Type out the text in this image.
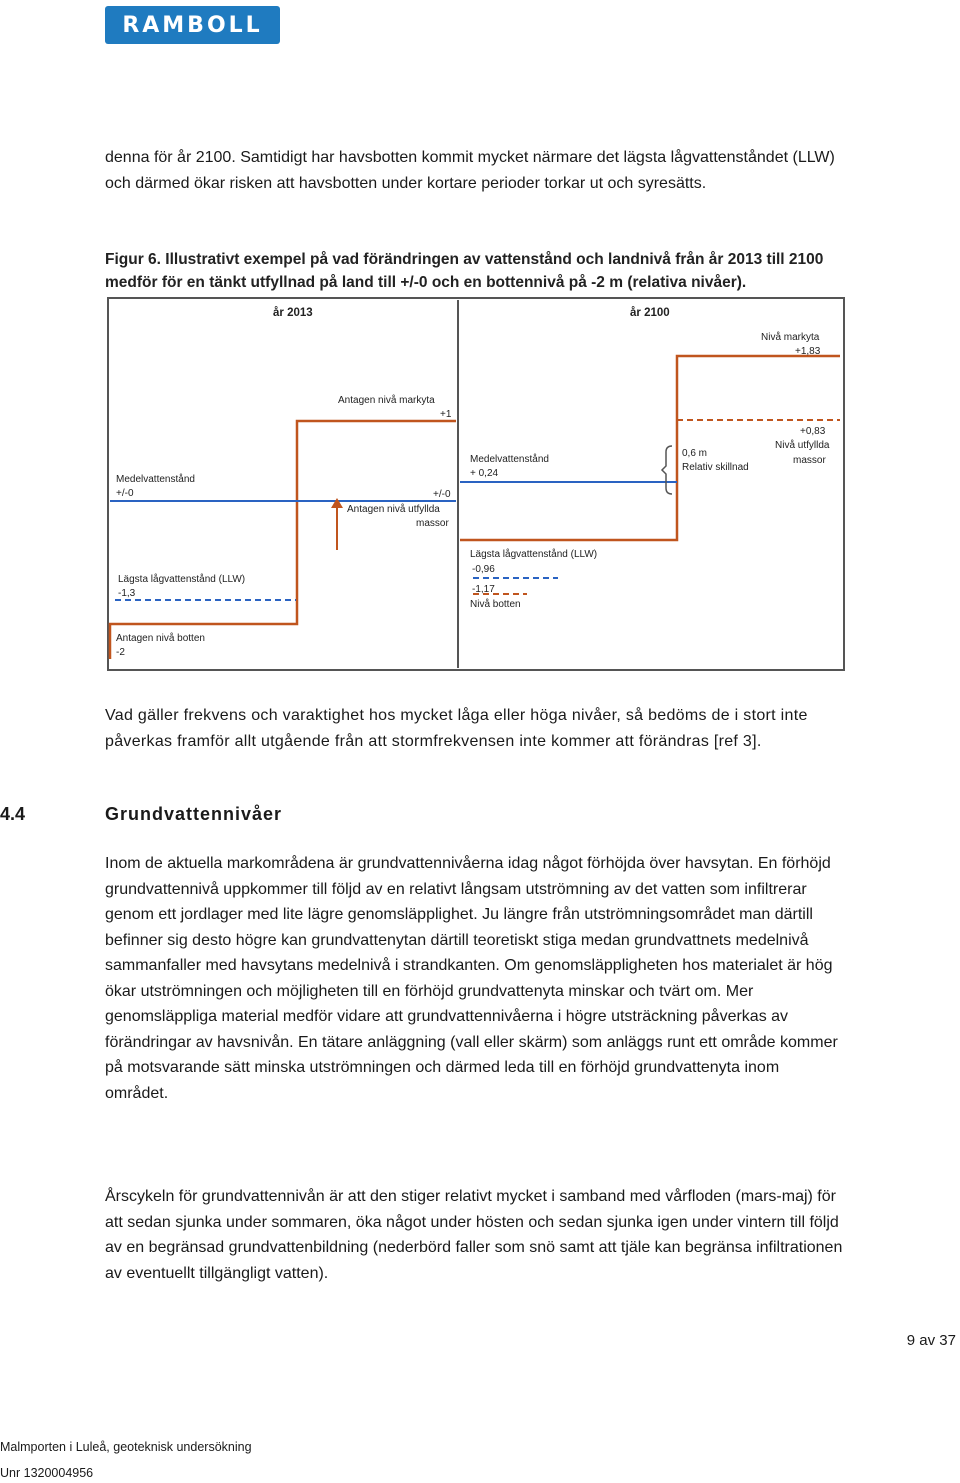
RAMBOLL

denna för år 2100. Samtidigt har havsbotten kommit mycket närmare det lägsta lågvattenståndet (LLW) och därmed ökar risken att havsbotten under kortare perioder torkar ut och syresätts.

Figur 6. Illustrativt exempel på vad förändringen av vattenstånd och landnivå från år 2013 till 2100 medför för en tänkt utfyllnad på land till +/-0 och en bottennivå på -2 m (relativa nivåer).

år 2013	år 2100
Antagen nivå markyta
+1
Medelvattenstånd
+/-0	+/-0
Antagen nivå utfyllda
massor
Lägsta lågvattenstånd (LLW)
-1,3
Antagen nivå botten
-2
Nivå markyta
+1,83
+0,83
Nivå utfyllda
massor
0,6 m
Relativ skillnad
Medelvattenstånd
+ 0,24
Lägsta lågvattenstånd (LLW)
-0,96
-1,17
Nivå botten

Vad gäller frekvens och varaktighet hos mycket låga eller höga nivåer, så bedöms de i stort inte påverkas framför allt utgående från att stormfrekvensen inte kommer att förändras [ref 3].

4.4	Grundvattennivåer

Inom de aktuella markområdena är grundvattennivåerna idag något förhöjda över havsytan. En förhöjd grundvattennivå uppkommer till följd av en relativt långsam utströmning av det vatten som infiltrerar genom ett jordlager med lite lägre genomsläpplighet. Ju längre från utströmningsområdet man därtill befinner sig desto högre kan grundvattenytan därtill teoretiskt stiga medan grundvattnets medelnivå sammanfaller med havsytans medelnivå i strandkanten. Om genomsläppligheten hos materialet är hög ökar utströmningen och möjligheten till en förhöjd grundvattenyta minskar och tvärt om. Mer genomsläppliga material medför vidare att grundvattennivåerna i högre utsträckning påverkas av förändringar av havsnivån. En tätare anläggning (vall eller skärm) som anläggs runt ett område kommer på motsvarande sätt minska utströmningen och därmed leda till en förhöjd grundvattenyta inom området.

Årscykeln för grundvattennivån är att den stiger relativt mycket i samband med vårfloden (mars-maj) för att sedan sjunka under sommaren, öka något under hösten och sedan sjunka igen under vintern till följd av en begränsad grundvattenbildning (nederbörd faller som snö samt att tjäle kan begränsa infiltrationen av eventuellt tillgängligt vatten).

9 av 37
Malmporten i Luleå, geoteknisk undersökning
Unr 1320004956
